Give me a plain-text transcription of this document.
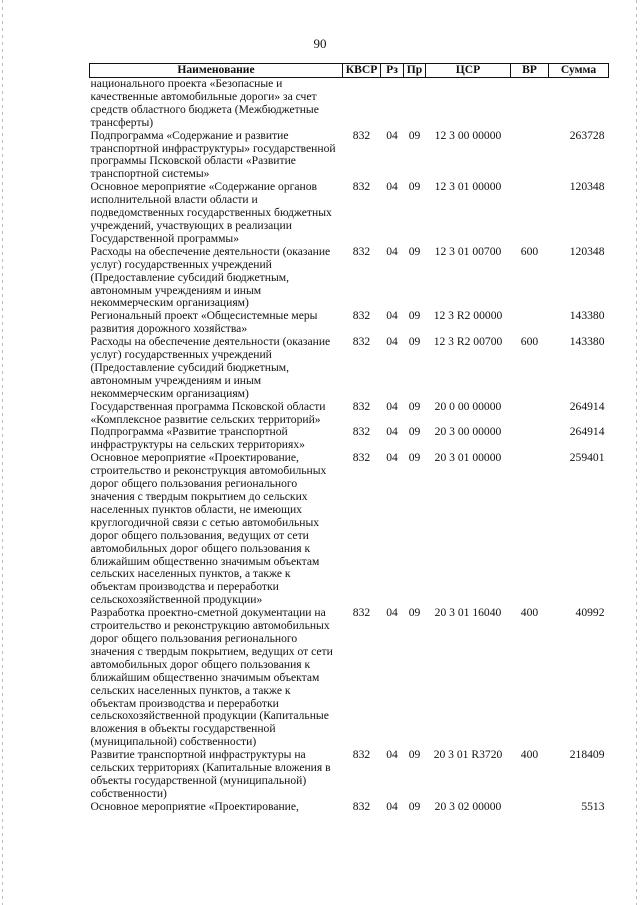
90
Наименование	КВСР	Рз	Пр	ЦСР	ВР	Сумма
национального проекта «Безопасные и качественные автомобильные дороги» за счет средств областного бюджета (Межбюджетные трансферты)						
Подпрограмма «Содержание и развитие транспортной инфраструктуры» государственной программы Псковской области «Развитие транспортной системы»	832	04	09	12 3 00 00000		263728
Основное мероприятие «Содержание органов исполнительной власти области и подведомственных государственных бюджетных учреждений, участвующих в реализации Государственной программы»	832	04	09	12 3 01 00000		120348
Расходы на обеспечение деятельности (оказание услуг) государственных учреждений (Предоставление субсидий бюджетным, автономным учреждениям и иным некоммерческим организациям)	832	04	09	12 3 01 00700	600	120348
Региональный проект «Общесистемные меры развития дорожного хозяйства»	832	04	09	12 3 R2 00000		143380
Расходы на обеспечение деятельности (оказание услуг) государственных учреждений (Предоставление субсидий бюджетным, автономным учреждениям и иным некоммерческим организациям)	832	04	09	12 3 R2 00700	600	143380
Государственная программа Псковской области «Комплексное развитие сельских территорий»	832	04	09	20 0 00 00000		264914
Подпрограмма «Развитие транспортной инфраструктуры на сельских территориях»	832	04	09	20 3 00 00000		264914
Основное мероприятие «Проектирование, строительство и реконструкция автомобильных дорог общего пользования регионального значения с твердым покрытием до сельских населенных пунктов области, не имеющих круглогодичной связи с сетью автомобильных дорог общего пользования, ведущих от сети автомобильных дорог общего пользования к ближайшим общественно значимым объектам сельских населенных пунктов, а также к объектам производства и переработки сельскохозяйственной продукции»	832	04	09	20 3 01 00000		259401
Разработка проектно-сметной документации на строительство и реконструкцию автомобильных дорог общего пользования регионального значения с твердым покрытием, ведущих от сети автомобильных дорог общего пользования к ближайшим общественно значимым объектам сельских населенных пунктов, а также к объектам производства и переработки сельскохозяйственной продукции (Капитальные вложения в объекты государственной (муниципальной) собственности)	832	04	09	20 3 01 16040	400	40992
Развитие транспортной инфраструктуры на сельских территориях (Капитальные вложения в объекты государственной (муниципальной) собственности)	832	04	09	20 3 01 R3720	400	218409
Основное мероприятие «Проектирование,	832	04	09	20 3 02 00000		5513
